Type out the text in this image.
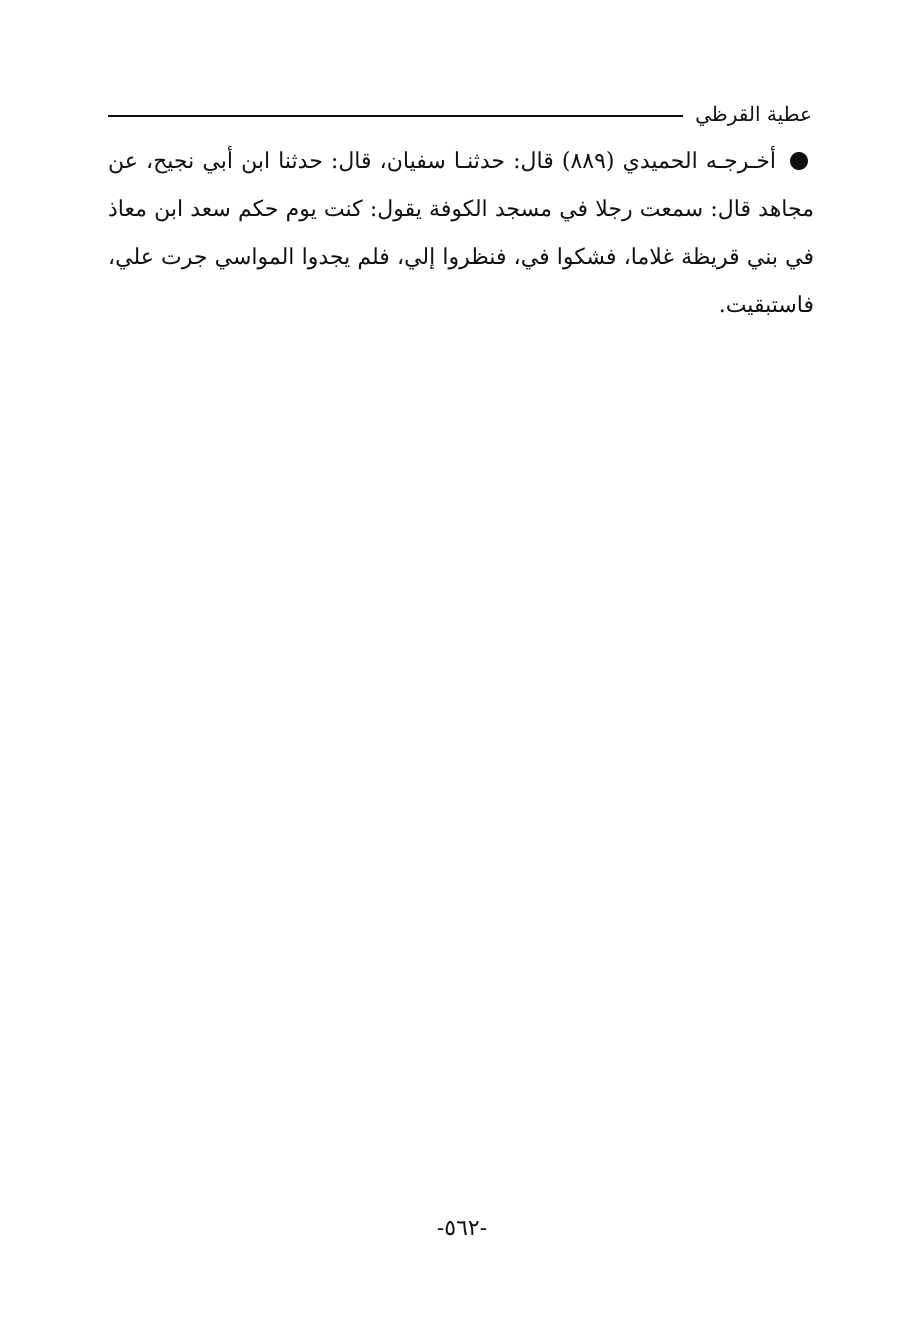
عطية القرظي
أخـرجـه الحميدي (٨٨٩) قال: حدثنـا سفيان، قال: حدثنا ابن أبي نجيح، عن مجاهد قال: سمعت رجلا في مسجد الكوفة يقول: كنت يوم حكم سعد ابن معاذ في بني قريظة غلاما، فشكوا في، فنظروا إلي، فلم يجدوا المواسي جرت علي، فاستبقيت.
-٥٦٢-
